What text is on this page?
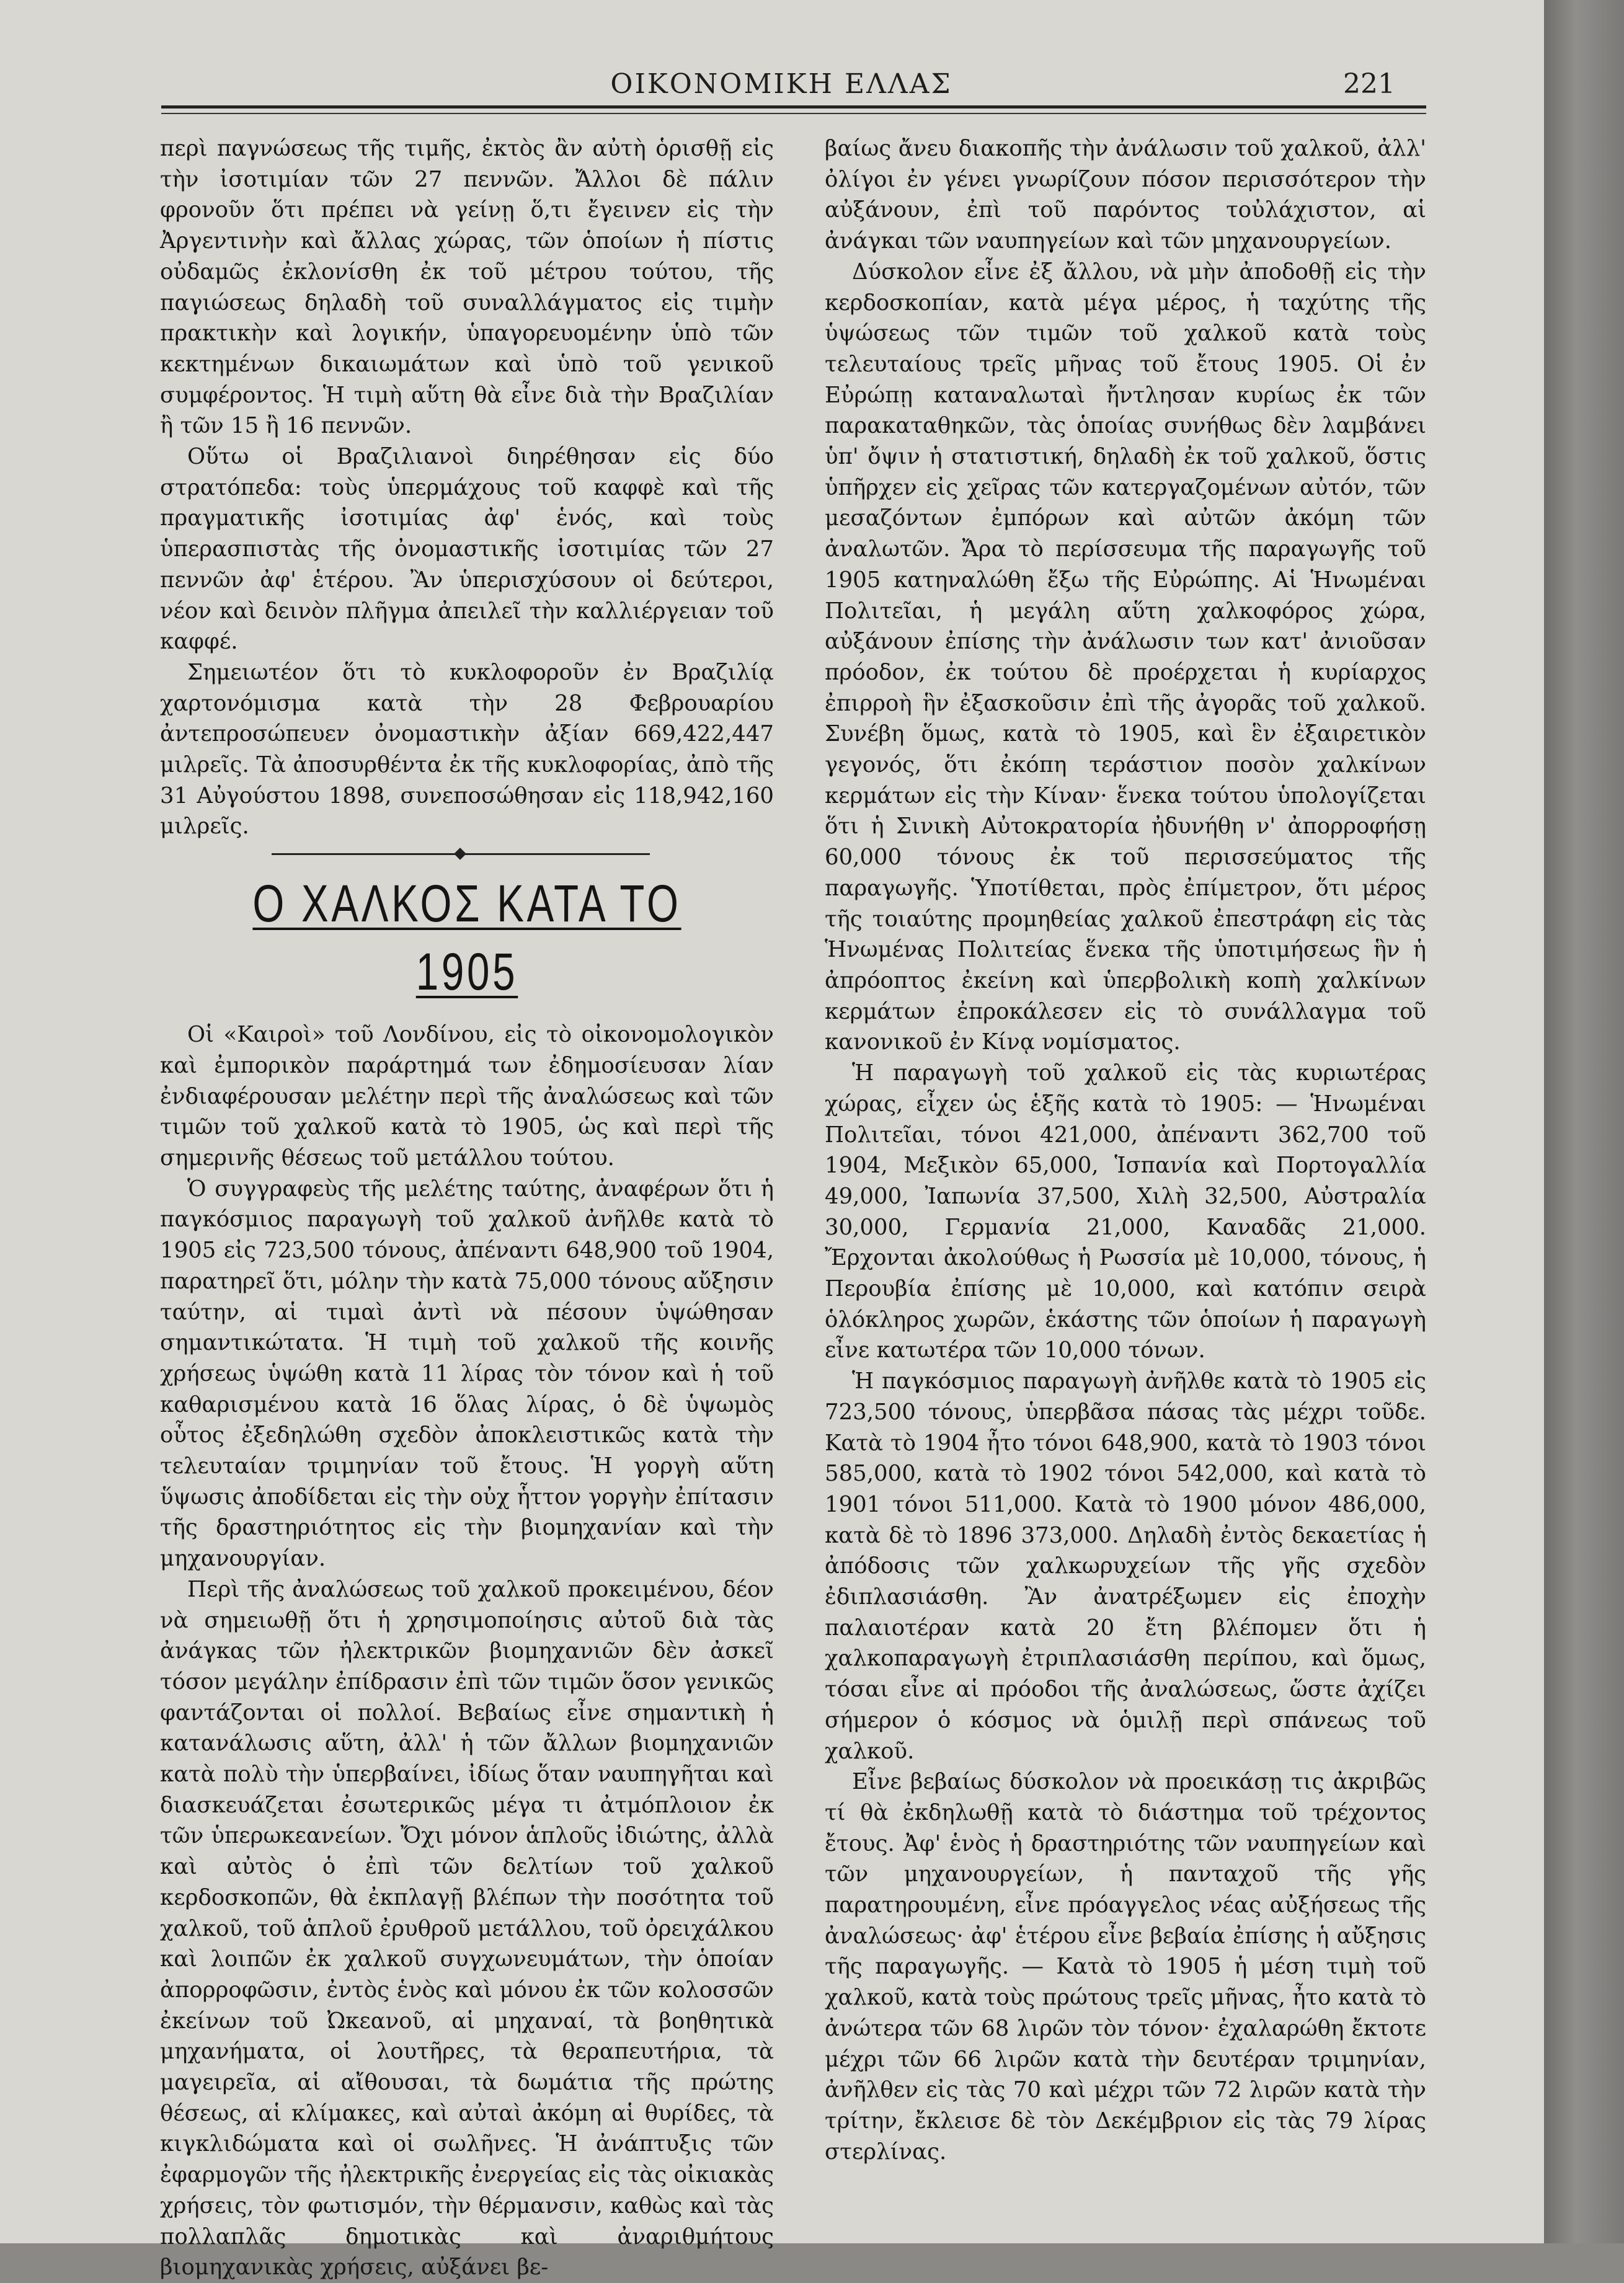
ΟΙΚΟΝΟΜΙΚΗ ΕΛΛΑΣ	221

περὶ παγνώσεως τῆς τιμῆς, ἐκτὸς ἂν αὐτὴ ὁρισθῇ εἰς τὴν ἰσοτιμίαν τῶν 27 πεννῶν. Ἄλλοι δὲ πάλιν φρονοῦν ὅτι πρέπει νὰ γείνῃ ὅ,τι ἔγεινεν εἰς τὴν Ἀργεντινὴν καὶ ἄλλας χώρας, τῶν ὁποίων ἡ πίστις οὐδαμῶς ἐκλονίσθη ἐκ τοῦ μέτρου τούτου, τῆς παγιώσεως δηλαδὴ τοῦ συναλλάγματος εἰς τιμὴν πρακτικὴν καὶ λογικήν, ὑπαγορευομένην ὑπὸ τῶν κεκτημένων δικαιωμάτων καὶ ὑπὸ τοῦ γενικοῦ συμφέροντος. Ἡ τιμὴ αὕτη θὰ εἶνε διὰ τὴν Βραζιλίαν ἢ τῶν 15 ἢ 16 πεννῶν.

Οὕτω οἱ Βραζιλιανοὶ διηρέθησαν εἰς δύο στρατόπεδα: τοὺς ὑπερμάχους τοῦ καφφὲ καὶ τῆς πραγματικῆς ἰσοτιμίας ἀφ' ἑνός, καὶ τοὺς ὑπερασπιστὰς τῆς ὀνομαστικῆς ἰσοτιμίας τῶν 27 πεννῶν ἀφ' ἑτέρου. Ἂν ὑπερισχύσουν οἱ δεύτεροι, νέον καὶ δεινὸν πλῆγμα ἀπειλεῖ τὴν καλλιέργειαν τοῦ καφφέ.

Σημειωτέον ὅτι τὸ κυκλοφοροῦν ἐν Βραζιλίᾳ χαρτονόμισμα κατὰ τὴν 28 Φεβρουαρίου ἀντεπροσώπευεν ὀνομαστικὴν ἀξίαν 669,422,447 μιλρεῖς. Τὰ ἀποσυρθέντα ἐκ τῆς κυκλοφορίας, ἀπὸ τῆς 31 Αὐγούστου 1898, συνεποσώθησαν εἰς 118,942,160 μιλρεῖς.

Ο ΧΑΛΚΟΣ ΚΑΤΑ ΤΟ 1905

Οἱ «Καιροὶ» τοῦ Λονδίνου, εἰς τὸ οἰκονομολογικὸν καὶ ἐμπορικὸν παράρτημά των ἐδημοσίευσαν λίαν ἐνδιαφέρουσαν μελέτην περὶ τῆς ἀναλώσεως καὶ τῶν τιμῶν τοῦ χαλκοῦ κατὰ τὸ 1905, ὡς καὶ περὶ τῆς σημερινῆς θέσεως τοῦ μετάλλου τούτου.

Ὁ συγγραφεὺς τῆς μελέτης ταύτης, ἀναφέρων ὅτι ἡ παγκόσμιος παραγωγὴ τοῦ χαλκοῦ ἀνῆλθε κατὰ τὸ 1905 εἰς 723,500 τόνους, ἀπέναντι 648,900 τοῦ 1904, παρατηρεῖ ὅτι, μόλην τὴν κατὰ 75,000 τόνους αὔξησιν ταύτην, αἱ τιμαὶ ἀντὶ νὰ πέσουν ὑψώθησαν σημαντικώτατα. Ἡ τιμὴ τοῦ χαλκοῦ τῆς κοινῆς χρήσεως ὑψώθη κατὰ 11 λίρας τὸν τόνον καὶ ἡ τοῦ καθαρισμένου κατὰ 16 ὅλας λίρας, ὁ δὲ ὑψωμὸς οὗτος ἐξεδηλώθη σχεδὸν ἀποκλειστικῶς κατὰ τὴν τελευταίαν τριμηνίαν τοῦ ἔτους. Ἡ γοργὴ αὕτη ὕψωσις ἀποδίδεται εἰς τὴν οὐχ ἧττον γοργὴν ἐπίτασιν τῆς δραστηριότητος εἰς τὴν βιομηχανίαν καὶ τὴν μηχανουργίαν.

Περὶ τῆς ἀναλώσεως τοῦ χαλκοῦ προκειμένου, δέον νὰ σημειωθῇ ὅτι ἡ χρησιμοποίησις αὐτοῦ διὰ τὰς ἀνάγκας τῶν ἠλεκτρικῶν βιομηχανιῶν δὲν ἀσκεῖ τόσον μεγάλην ἐπίδρασιν ἐπὶ τῶν τιμῶν ὅσον γενικῶς φαντάζονται οἱ πολλοί. Βεβαίως εἶνε σημαντικὴ ἡ κατανάλωσις αὕτη, ἀλλ' ἡ τῶν ἄλλων βιομηχανιῶν κατὰ πολὺ τὴν ὑπερβαίνει, ἰδίως ὅταν ναυπηγῆται καὶ διασκευάζεται ἐσωτερικῶς μέγα τι ἀτμόπλοιον ἐκ τῶν ὑπερωκεανείων. Ὄχι μόνον ἁπλοῦς ἰδιώτης, ἀλλὰ καὶ αὐτὸς ὁ ἐπὶ τῶν δελτίων τοῦ χαλκοῦ κερδοσκοπῶν, θὰ ἐκπλαγῇ βλέπων τὴν ποσότητα τοῦ χαλκοῦ, τοῦ ἁπλοῦ ἐρυθροῦ μετάλλου, τοῦ ὀρειχάλκου καὶ λοιπῶν ἐκ χαλκοῦ συγχωνευμάτων, τὴν ὁποίαν ἀπορροφῶσιν, ἐντὸς ἑνὸς καὶ μόνου ἐκ τῶν κολοσσῶν ἐκείνων τοῦ Ὠκεανοῦ, αἱ μηχαναί, τὰ βοηθητικὰ μηχανήματα, οἱ λουτῆρες, τὰ θεραπευτήρια, τὰ μαγειρεῖα, αἱ αἴθουσαι, τὰ δωμάτια τῆς πρώτης θέσεως, αἱ κλίμακες, καὶ αὐταὶ ἀκόμη αἱ θυρίδες, τὰ κιγκλιδώματα καὶ οἱ σωλῆνες. Ἡ ἀνάπτυξις τῶν ἐφαρμογῶν τῆς ἠλεκτρικῆς ἐνεργείας εἰς τὰς οἰκιακὰς χρήσεις, τὸν φωτισμόν, τὴν θέρμανσιν, καθὼς καὶ τὰς πολλαπλᾶς δημοτικὰς καὶ ἀναριθμήτους βιομηχανικὰς χρήσεις, αὐξάνει βε-

βαίως ἄνευ διακοπῆς τὴν ἀνάλωσιν τοῦ χαλκοῦ, ἀλλ' ὀλίγοι ἐν γένει γνωρίζουν πόσον περισσότερον τὴν αὐξάνουν, ἐπὶ τοῦ παρόντος τοὐλάχιστον, αἱ ἀνάγκαι τῶν ναυπηγείων καὶ τῶν μηχανουργείων.

Δύσκολον εἶνε ἐξ ἄλλου, νὰ μὴν ἀποδοθῇ εἰς τὴν κερδοσκοπίαν, κατὰ μέγα μέρος, ἡ ταχύτης τῆς ὑψώσεως τῶν τιμῶν τοῦ χαλκοῦ κατὰ τοὺς τελευταίους τρεῖς μῆνας τοῦ ἔτους 1905. Οἱ ἐν Εὐρώπῃ καταναλωταὶ ἤντλησαν κυρίως ἐκ τῶν παρακαταθηκῶν, τὰς ὁποίας συνήθως δὲν λαμβάνει ὑπ' ὄψιν ἡ στατιστική, δηλαδὴ ἐκ τοῦ χαλκοῦ, ὅστις ὑπῆρχεν εἰς χεῖρας τῶν κατεργαζομένων αὐτόν, τῶν μεσαζόντων ἐμπόρων καὶ αὐτῶν ἀκόμη τῶν ἀναλωτῶν. Ἄρα τὸ περίσσευμα τῆς παραγωγῆς τοῦ 1905 κατηναλώθη ἔξω τῆς Εὐρώπης. Αἱ Ἡνωμέναι Πολιτεῖαι, ἡ μεγάλη αὕτη χαλκοφόρος χώρα, αὐξάνουν ἐπίσης τὴν ἀνάλωσιν των κατ' ἀνιοῦσαν πρόοδον, ἐκ τούτου δὲ προέρχεται ἡ κυρίαρχος ἐπιρροὴ ἣν ἐξασκοῦσιν ἐπὶ τῆς ἀγορᾶς τοῦ χαλκοῦ. Συνέβη ὅμως, κατὰ τὸ 1905, καὶ ἓν ἐξαιρετικὸν γεγονός, ὅτι ἐκόπη τεράστιον ποσὸν χαλκίνων κερμάτων εἰς τὴν Κίναν· ἕνεκα τούτου ὑπολογίζεται ὅτι ἡ Σινικὴ Αὐτοκρατορία ἠδυνήθη ν' ἀπορροφήσῃ 60,000 τόνους ἐκ τοῦ περισσεύματος τῆς παραγωγῆς. Ὑποτίθεται, πρὸς ἐπίμετρον, ὅτι μέρος τῆς τοιαύτης προμηθείας χαλκοῦ ἐπεστράφη εἰς τὰς Ἡνωμένας Πολιτείας ἕνεκα τῆς ὑποτιμήσεως ἣν ἡ ἀπρόοπτος ἐκείνη καὶ ὑπερβολικὴ κοπὴ χαλκίνων κερμάτων ἐπροκάλεσεν εἰς τὸ συνάλλαγμα τοῦ κανονικοῦ ἐν Κίνᾳ νομίσματος.

Ἡ παραγωγὴ τοῦ χαλκοῦ εἰς τὰς κυριωτέρας χώρας, εἶχεν ὡς ἑξῆς κατὰ τὸ 1905: — Ἡνωμέναι Πολιτεῖαι, τόνοι 421,000, ἀπέναντι 362,700 τοῦ 1904, Μεξικὸν 65,000, Ἱσπανία καὶ Πορτογαλλία 49,000, Ἰαπωνία 37,500, Χιλὴ 32,500, Αὐστραλία 30,000, Γερμανία 21,000, Καναδᾶς 21,000. Ἔρχονται ἀκολούθως ἡ Ρωσσία μὲ 10,000, τόνους, ἡ Περουβία ἐπίσης μὲ 10,000, καὶ κατόπιν σειρὰ ὁλόκληρος χωρῶν, ἑκάστης τῶν ὁποίων ἡ παραγωγὴ εἶνε κατωτέρα τῶν 10,000 τόνων.

Ἡ παγκόσμιος παραγωγὴ ἀνῆλθε κατὰ τὸ 1905 εἰς 723,500 τόνους, ὑπερβᾶσα πάσας τὰς μέχρι τοῦδε. Κατὰ τὸ 1904 ἦτο τόνοι 648,900, κατὰ τὸ 1903 τόνοι 585,000, κατὰ τὸ 1902 τόνοι 542,000, καὶ κατὰ τὸ 1901 τόνοι 511,000. Κατὰ τὸ 1900 μόνον 486,000, κατὰ δὲ τὸ 1896 373,000. Δηλαδὴ ἐντὸς δεκαετίας ἡ ἀπόδοσις τῶν χαλκωρυχείων τῆς γῆς σχεδὸν ἐδιπλασιάσθη. Ἂν ἀνατρέξωμεν εἰς ἐποχὴν παλαιοτέραν κατὰ 20 ἔτη βλέπομεν ὅτι ἡ χαλκοπαραγωγὴ ἐτριπλασιάσθη περίπου, καὶ ὅμως, τόσαι εἶνε αἱ πρόοδοι τῆς ἀναλώσεως, ὥστε ἀχίζει σήμερον ὁ κόσμος νὰ ὁμιλῇ περὶ σπάνεως τοῦ χαλκοῦ.

Εἶνε βεβαίως δύσκολον νὰ προεικάσῃ τις ἀκριβῶς τί θὰ ἐκδηλωθῇ κατὰ τὸ διάστημα τοῦ τρέχοντος ἔτους. Ἀφ' ἑνὸς ἡ δραστηριότης τῶν ναυπηγείων καὶ τῶν μηχανουργείων, ἡ πανταχοῦ τῆς γῆς παρατηρουμένη, εἶνε πρόαγγελος νέας αὐξήσεως τῆς ἀναλώσεως· ἀφ' ἑτέρου εἶνε βεβαία ἐπίσης ἡ αὔξησις τῆς παραγωγῆς. — Κατὰ τὸ 1905 ἡ μέση τιμὴ τοῦ χαλκοῦ, κατὰ τοὺς πρώτους τρεῖς μῆνας, ἦτο κατὰ τὸ ἀνώτερα τῶν 68 λιρῶν τὸν τόνον· ἐχαλαρώθη ἔκτοτε μέχρι τῶν 66 λιρῶν κατὰ τὴν δευτέραν τριμηνίαν, ἀνῆλθεν εἰς τὰς 70 καὶ μέχρι τῶν 72 λιρῶν κατὰ τὴν τρίτην, ἔκλεισε δὲ τὸν Δεκέμβριον εἰς τὰς 79 λίρας στερλίνας.
